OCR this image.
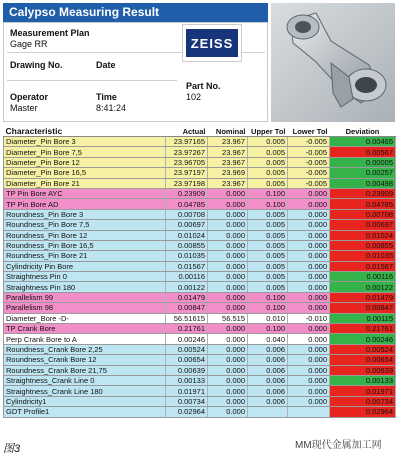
Calypso Measuring Result
Measurement Plan
Gage RR
Drawing No.	Date
Part No.
102
Operator	Time
Master	8:41:24
ZEISS
Characteristic	Actual	Nominal	Upper Tol	Lower Tol	Deviation
Diameter_Pin Bore 3	23.97165	23.967	0.005	-0.005	0.00465
Diameter_Pin Bore 7,5	23.97267	23.967	0.005	-0.005	0.00567
Diameter_Pin Bore 12	23.96705	23.967	0.005	-0.005	0.00005
Diameter_Pin Bore 16,5	23.97197	23.969	0.005	-0.005	0.00257
Diameter_Pin Bore 21	23.97198	23.967	0.005	-0.005	0.00498
TP Pin Bore AYC	0.23909	0.000	0.100	0.000	0.23909
TP Pin Bore AD	0.04785	0.000	0.100	0.000	0.04785
Roundness_Pin Bore 3	0.00708	0.000	0.005	0.000	0.00708
Roundness_Pin Bore 7,5	0.00697	0.000	0.005	0.000	0.00697
Roundness_Pin Bore 12	0.01024	0.000	0.005	0.000	0.01024
Roundness_Pin Bore 16,5	0.00855	0.000	0.005	0.000	0.00855
Roundness_Pin Bore 21	0.01035	0.000	0.005	0.000	0.01035
Cylindricity Pin Bore	0.01567	0.000	0.005	0.000	0.01567
Straightness Pin 0	0.00116	0.000	0.005	0.000	0.00116
Straightness Pin 180	0.00122	0.000	0.005	0.000	0.00122
Parallelism 99	0.01479	0.000	0.100	0.000	0.01479
Parallelism 98	0.00847	0.000	0.100	0.000	0.00847
Diameter_Bore -D-	56.51615	56.515	0.010	-0.010	0.00115
TP Crank Bore	0.21761	0.000	0.100	0.000	0.21761
Perp Crank Bore to A	0.00246	0.000	0.040	0.000	0.00246
Roundness_Crank Bore 2,25	0.00524	0.000	0.006	0.000	0.00524
Roundness_Crank Bore 12	0.00654	0.000	0.006	0.000	0.00654
Roundness_Crank Bore 21,75	0.00639	0.000	0.006	0.000	0.00639
Straightness_Crank Line 0	0.00133	0.000	0.006	0.000	0.00133
Straightness_Crank Line 180	0.01971	0.000	0.006	0.000	0.01971
Cylindricity1	0.00734	0.000	0.006	0.000	0.00734
GDT Profile1	0.02964	0.000			0.02964
图3	MM现代金属加工网
